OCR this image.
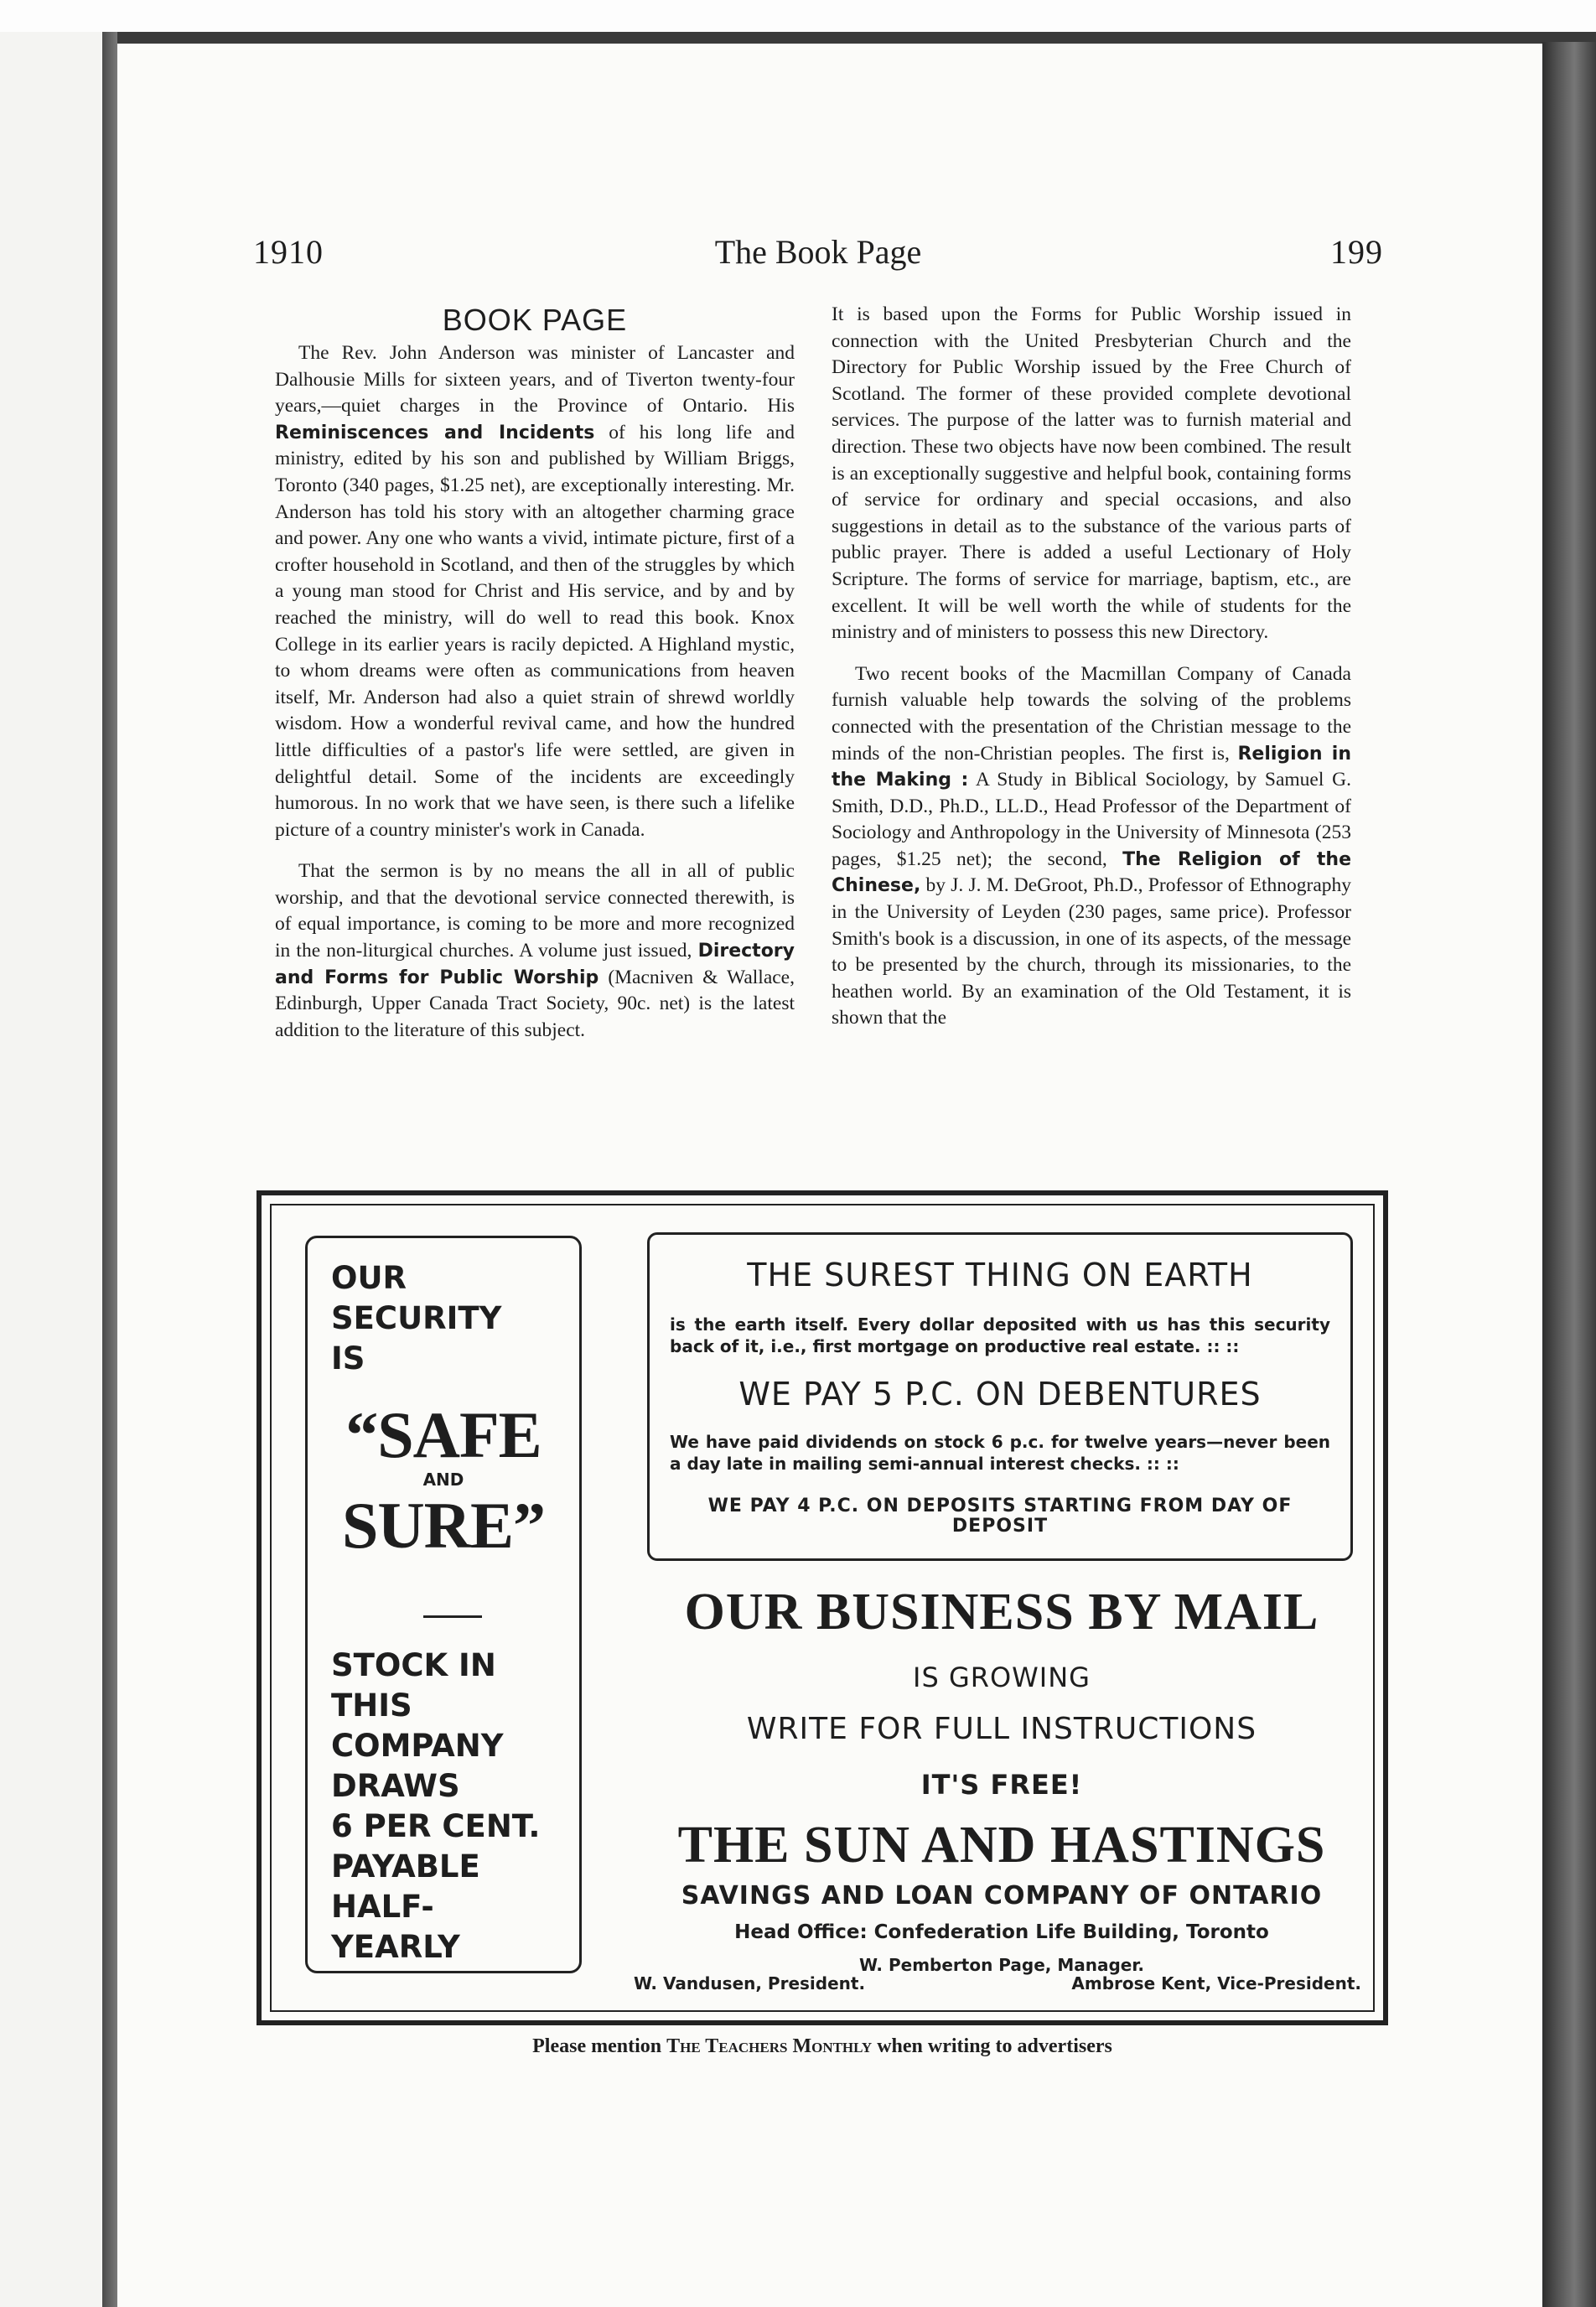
The Book Page
1910	199
BOOK PAGE

The Rev. John Anderson was minister of Lancaster and Dalhousie Mills for sixteen years, and of Tiverton twenty-four years,—quiet charges in the Province of Ontario. His Reminiscences and Incidents of his long life and ministry, edited by his son and published by William Briggs, Toronto (340 pages, $1.25 net), are exceptionally interesting. Mr. Anderson has told his story with an altogether charming grace and power. Any one who wants a vivid, intimate picture, first of a crofter household in Scotland, and then of the struggles by which a young man stood for Christ and His service, and by and by reached the ministry, will do well to read this book. Knox College in its earlier years is racily depicted. A Highland mystic, to whom dreams were often as communications from heaven itself, Mr. Anderson had also a quiet strain of shrewd worldly wisdom. How a wonderful revival came, and how the hundred little difficulties of a pastor's life were settled, are given in delightful detail. Some of the incidents are exceedingly humorous. In no work that we have seen, is there such a lifelike picture of a country minister's work in Canada.

That the sermon is by no means the all in all of public worship, and that the devotional service connected therewith, is of equal importance, is coming to be more and more recognized in the non-liturgical churches. A volume just issued, Directory and Forms for Public Worship (Macniven & Wallace, Edinburgh, Upper Canada Tract Society, 90c. net) is the latest addition to the literature of this subject.

It is based upon the Forms for Public Worship issued in connection with the United Presbyterian Church and the Directory for Public Worship issued by the Free Church of Scotland. The former of these provided complete devotional services. The purpose of the latter was to furnish material and direction. These two objects have now been combined. The result is an exceptionally suggestive and helpful book, containing forms of service for ordinary and special occasions, and also suggestions in detail as to the substance of the various parts of public prayer. There is added a useful Lectionary of Holy Scripture. The forms of service for marriage, baptism, etc., are excellent. It will be well worth the while of students for the ministry and of ministers to possess this new Directory.

Two recent books of the Macmillan Company of Canada furnish valuable help towards the solving of the problems connected with the presentation of the Christian message to the minds of the non-Christian peoples. The first is, Religion in the Making : A Study in Biblical Sociology, by Samuel G. Smith, D.D., Ph.D., LL.D., Head Professor of the Department of Sociology and Anthropology in the University of Minnesota (253 pages, $1.25 net); the second, The Religion of the Chinese, by J. J. M. DeGroot, Ph.D., Professor of Ethnography in the University of Leyden (230 pages, same price). Professor Smith's book is a discussion, in one of its aspects, of the message to be presented by the church, through its missionaries, to the heathen world. By an examination of the Old Testament, it is shown that the

OUR
SECURITY
IS
“SAFE
AND
SURE”
STOCK IN
THIS
COMPANY
DRAWS
6 PER CENT.
PAYABLE
HALF-
YEARLY
THE SUREST THING ON EARTH
is the earth itself. Every dollar deposited with us has this security back of it, i.e., first mortgage on productive real estate. :: ::
WE PAY 5 P.C. ON DEBENTURES
We have paid dividends on stock 6 p.c. for twelve years—never been a day late in mailing semi-annual interest checks. :: ::
WE PAY 4 P.C. ON DEPOSITS STARTING FROM DAY OF DEPOSIT
OUR BUSINESS BY MAIL
IS GROWING
WRITE FOR FULL INSTRUCTIONS
IT'S FREE!
THE SUN AND HASTINGS
SAVINGS AND LOAN COMPANY OF ONTARIO
Head Office: Confederation Life Building, Toronto
W. Pemberton Page, Manager.
W. Vandusen, President.	Ambrose Kent, Vice-President.
Please mention The Teachers Monthly when writing to advertisers
